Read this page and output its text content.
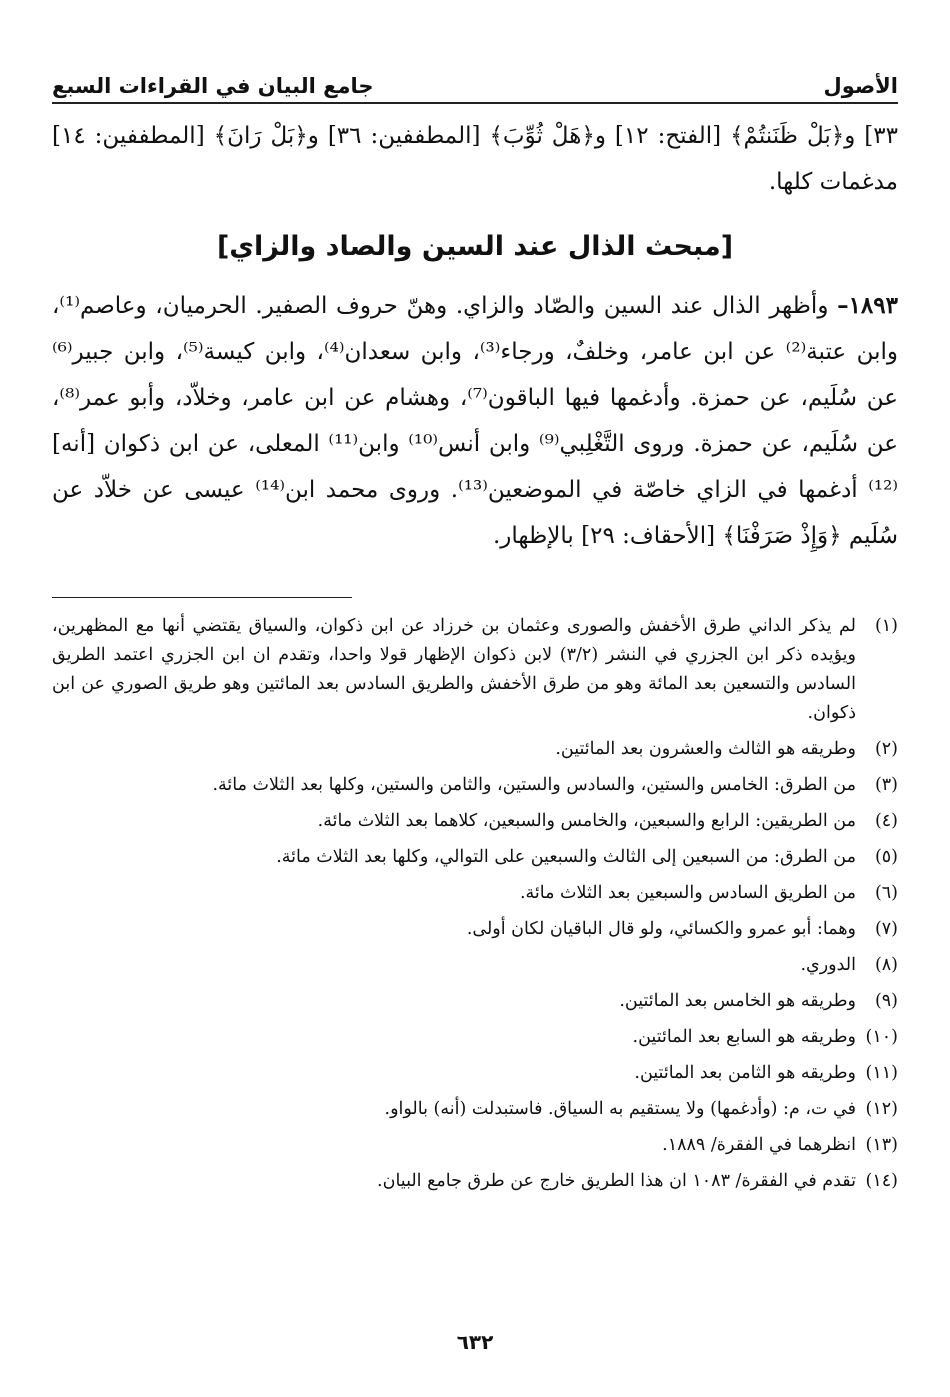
الأصول
جامع البيان في القراءات السبع

٣٣] و﴿بَلْ ظَنَنتُمْ﴾ [الفتح: ١٢] و﴿هَلْ ثُوِّبَ﴾ [المطففين: ٣٦] و﴿بَلْ رَانَ﴾ [المطففين: ١٤] مدغمات كلها.

[مبحث الذال عند السين والصاد والزاي]

١٨٩٣– وأظهر الذال عند السين والصّاد والزاي. وهنّ حروف الصفير. الحرميان، وعاصم⁽¹⁾، وابن عتبة⁽²⁾ عن ابن عامر، وخلفٌ، ورجاء⁽³⁾، وابن سعدان⁽⁴⁾، وابن كيسة⁽⁵⁾، وابن جبير⁽⁶⁾ عن سُلَيم، عن حمزة. وأدغمها فيها الباقون⁽⁷⁾، وهشام عن ابن عامر، وخلاّد، وأبو عمر⁽⁸⁾، عن سُلَيم، عن حمزة. وروى التَّغْلِبي⁽⁹⁾ وابن أنس⁽¹⁰⁾ وابن⁽¹¹⁾ المعلى، عن ابن ذكوان [أنه]⁽¹²⁾ أدغمها في الزاي خاصّة في الموضعين⁽¹³⁾. وروى محمد ابن⁽¹⁴⁾ عيسى عن خلاّد عن سُلَيم ﴿وَإِذْ صَرَفْنَا﴾ [الأحقاف: ٢٩] بالإظهار.

(١)
لم يذكر الداني طرق الأخفش والصورى وعثمان بن خرزاد عن ابن ذكوان، والسياق يقتضي أنها مع المظهرين، ويؤيده ذكر ابن الجزري في النشر (٣/٢) لابن ذكوان الإظهار قولا واحدا، وتقدم ان ابن الجزري اعتمد الطريق السادس والتسعين بعد المائة وهو من طرق الأخفش والطريق السادس بعد المائتين وهو طريق الصوري عن ابن ذكوان.
(٢)
وطريقه هو الثالث والعشرون بعد المائتين.
(٣)
من الطرق: الخامس والستين، والسادس والستين، والثامن والستين، وكلها بعد الثلاث مائة.
(٤)
من الطريقين: الرابع والسبعين، والخامس والسبعين، كلاهما بعد الثلاث مائة.
(٥)
من الطرق: من السبعين إلى الثالث والسبعين على التوالي، وكلها بعد الثلاث مائة.
(٦)
من الطريق السادس والسبعين بعد الثلاث مائة.
(٧)
وهما: أبو عمرو والكسائي، ولو قال الباقيان لكان أولى.
(٨)
الدوري.
(٩)
وطريقه هو الخامس بعد المائتين.
(١٠)
وطريقه هو السابع بعد المائتين.
(١١)
وطريقه هو الثامن بعد المائتين.
(١٢)
في ت، م: (وأدغمها) ولا يستقيم به السياق. فاستبدلت (أنه) بالواو.
(١٣)
انظرهما في الفقرة/ ١٨٨٩.
(١٤)
تقدم في الفقرة/ ١٠٨٣ ان هذا الطريق خارج عن طرق جامع البيان.
٦٣٢
